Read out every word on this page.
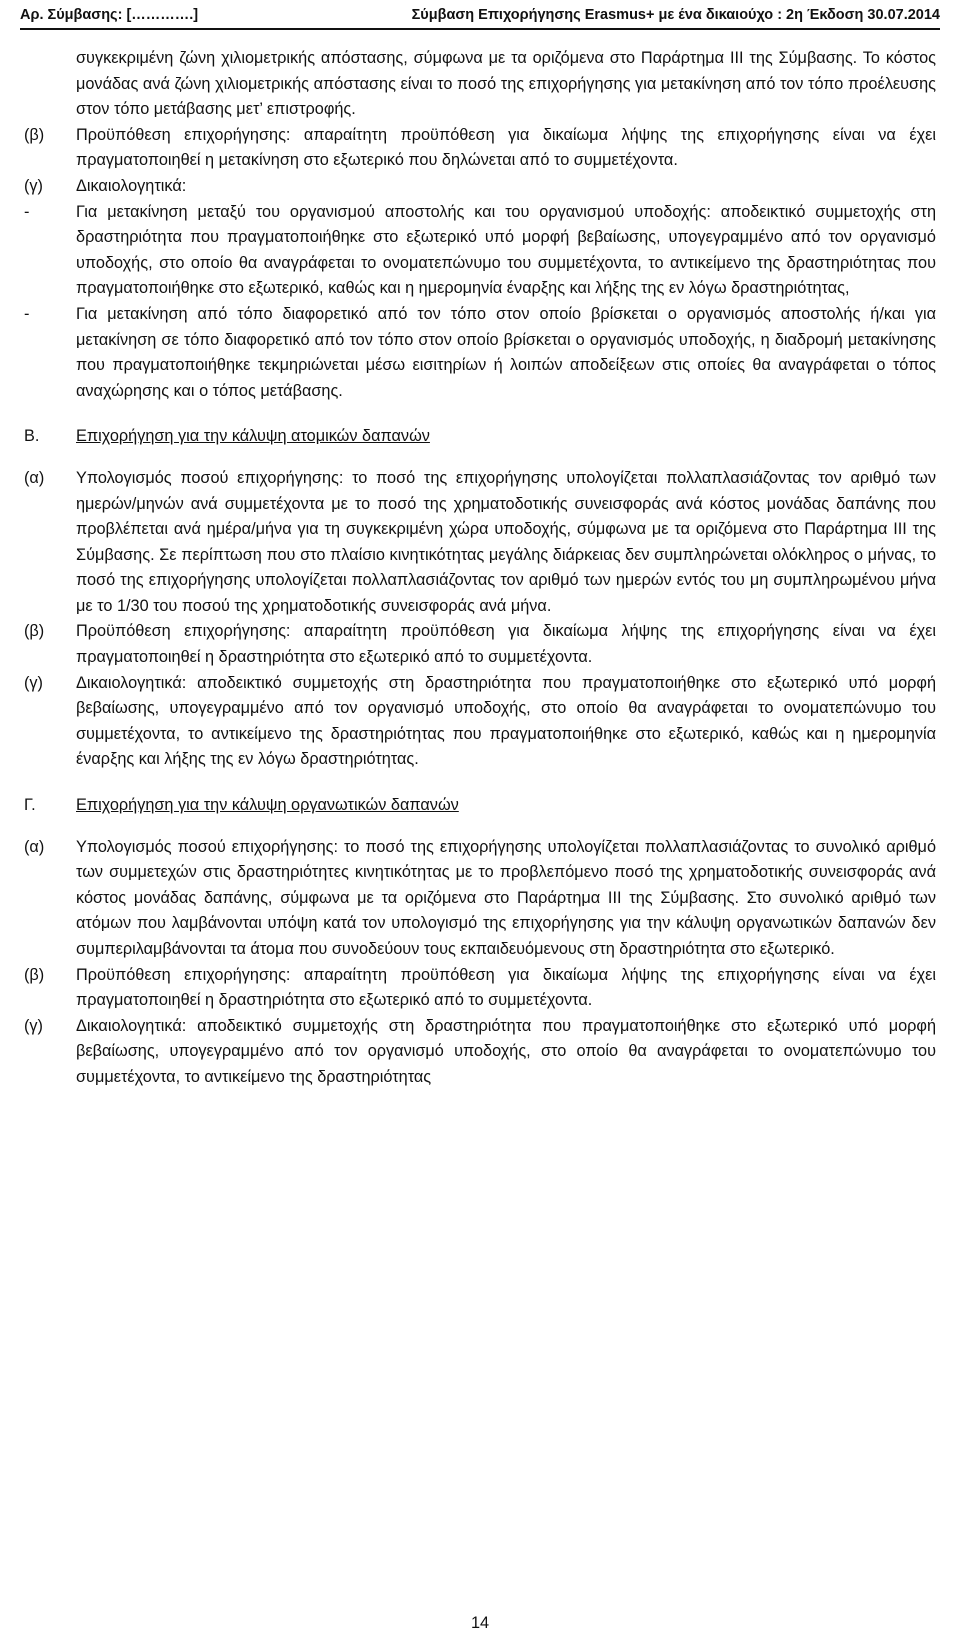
Αρ. Σύμβασης: [………….]	Σύμβαση Επιχορήγησης Erasmus+ με ένα δικαιούχο : 2η Έκδοση 30.07.2014
συγκεκριμένη ζώνη χιλιομετρικής απόστασης, σύμφωνα με τα οριζόμενα στο Παράρτημα ΙΙΙ της Σύμβασης. Το κόστος μονάδας ανά ζώνη χιλιομετρικής απόστασης είναι το ποσό της επιχορήγησης για μετακίνηση από τον τόπο προέλευσης στον τόπο μετάβασης μετ’ επιστροφής.
(β)	Προϋπόθεση επιχορήγησης: απαραίτητη προϋπόθεση για δικαίωμα λήψης της επιχορήγησης είναι να έχει πραγματοποιηθεί η μετακίνηση στο εξωτερικό που δηλώνεται από το συμμετέχοντα.
(γ)	Δικαιολογητικά:
-	Για μετακίνηση μεταξύ του οργανισμού αποστολής και του οργανισμού υποδοχής: αποδεικτικό συμμετοχής στη δραστηριότητα που πραγματοποιήθηκε στο εξωτερικό υπό μορφή βεβαίωσης, υπογεγραμμένο από τον οργανισμό υποδοχής, στο οποίο θα αναγράφεται το ονοματεπώνυμο του συμμετέχοντα, το αντικείμενο της δραστηριότητας που πραγματοποιήθηκε στο εξωτερικό, καθώς και η ημερομηνία έναρξης και λήξης της εν λόγω δραστηριότητας,
-	Για μετακίνηση από τόπο διαφορετικό από τον τόπο στον οποίο βρίσκεται ο οργανισμός αποστολής ή/και για μετακίνηση σε τόπο διαφορετικό από τον τόπο στον οποίο βρίσκεται ο οργανισμός υποδοχής, η διαδρομή μετακίνησης που πραγματοποιήθηκε τεκμηριώνεται μέσω εισιτηρίων ή λοιπών αποδείξεων στις οποίες θα αναγράφεται ο τόπος αναχώρησης και ο τόπος μετάβασης.
Β.	Επιχορήγηση για την κάλυψη ατομικών δαπανών
(α)	Υπολογισμός ποσού επιχορήγησης: το ποσό της επιχορήγησης υπολογίζεται πολλαπλασιάζοντας τον αριθμό των ημερών/μηνών ανά συμμετέχοντα με το ποσό της χρηματοδοτικής συνεισφοράς ανά κόστος μονάδας δαπάνης που προβλέπεται ανά ημέρα/μήνα για τη συγκεκριμένη χώρα υποδοχής, σύμφωνα με τα οριζόμενα στο Παράρτημα ΙΙΙ της Σύμβασης. Σε περίπτωση που στο πλαίσιο κινητικότητας μεγάλης διάρκειας δεν συμπληρώνεται ολόκληρος ο μήνας, το ποσό της επιχορήγησης υπολογίζεται πολλαπλασιάζοντας τον αριθμό των ημερών εντός του μη συμπληρωμένου μήνα με το 1/30 του ποσού της χρηματοδοτικής συνεισφοράς ανά μήνα.
(β)	Προϋπόθεση επιχορήγησης: απαραίτητη προϋπόθεση για δικαίωμα λήψης της επιχορήγησης είναι να έχει πραγματοποιηθεί η δραστηριότητα στο εξωτερικό από το συμμετέχοντα.
(γ)	Δικαιολογητικά: αποδεικτικό συμμετοχής στη δραστηριότητα που πραγματοποιήθηκε στο εξωτερικό υπό μορφή βεβαίωσης, υπογεγραμμένο από τον οργανισμό υποδοχής, στο οποίο θα αναγράφεται το ονοματεπώνυμο του συμμετέχοντα, το αντικείμενο της δραστηριότητας που πραγματοποιήθηκε στο εξωτερικό, καθώς και η ημερομηνία έναρξης και λήξης της εν λόγω δραστηριότητας.
Γ.	Επιχορήγηση για την κάλυψη οργανωτικών δαπανών
(α)	Υπολογισμός ποσού επιχορήγησης: το ποσό της επιχορήγησης υπολογίζεται πολλαπλασιάζοντας το συνολικό αριθμό των συμμετεχών στις δραστηριότητες κινητικότητας με το προβλεπόμενο ποσό της χρηματοδοτικής συνεισφοράς ανά κόστος μονάδας δαπάνης, σύμφωνα με τα οριζόμενα στο Παράρτημα ΙΙΙ της Σύμβασης. Στο συνολικό αριθμό των ατόμων που λαμβάνονται υπόψη κατά τον υπολογισμό της επιχορήγησης για την κάλυψη οργανωτικών δαπανών δεν συμπεριλαμβάνονται τα άτομα που συνοδεύουν τους εκπαιδευόμενους στη δραστηριότητα στο εξωτερικό.
(β)	Προϋπόθεση επιχορήγησης: απαραίτητη προϋπόθεση για δικαίωμα λήψης της επιχορήγησης είναι να έχει πραγματοποιηθεί η δραστηριότητα στο εξωτερικό από το συμμετέχοντα.
(γ)	Δικαιολογητικά: αποδεικτικό συμμετοχής στη δραστηριότητα που πραγματοποιήθηκε στο εξωτερικό υπό μορφή βεβαίωσης, υπογεγραμμένο από τον οργανισμό υποδοχής, στο οποίο θα αναγράφεται το ονοματεπώνυμο του συμμετέχοντα, το αντικείμενο της δραστηριότητας
14
